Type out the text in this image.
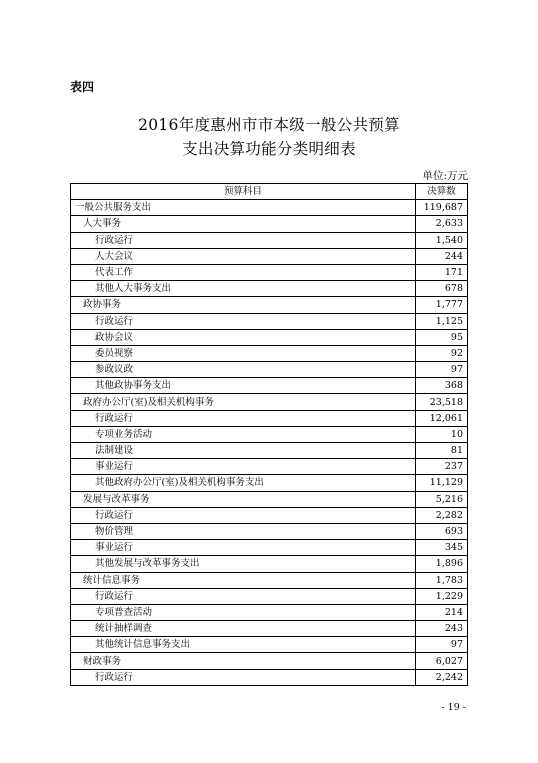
表四
2016年度惠州市市本级一般公共预算
支出决算功能分类明细表
单位:万元
预算科目	决算数
一般公共服务支出	119,687
人大事务	2,633
行政运行	1,540
人大会议	244
代表工作	171
其他人大事务支出	678
政协事务	1,777
行政运行	1,125
政协会议	95
委员视察	92
参政议政	97
其他政协事务支出	368
政府办公厅(室)及相关机构事务	23,518
行政运行	12,061
专项业务活动	10
法制建设	81
事业运行	237
其他政府办公厅(室)及相关机构事务支出	11,129
发展与改革事务	5,216
行政运行	2,282
物价管理	693
事业运行	345
其他发展与改革事务支出	1,896
统计信息事务	1,783
行政运行	1,229
专项普查活动	214
统计抽样调查	243
其他统计信息事务支出	97
财政事务	6,027
行政运行	2,242
- 19 -
